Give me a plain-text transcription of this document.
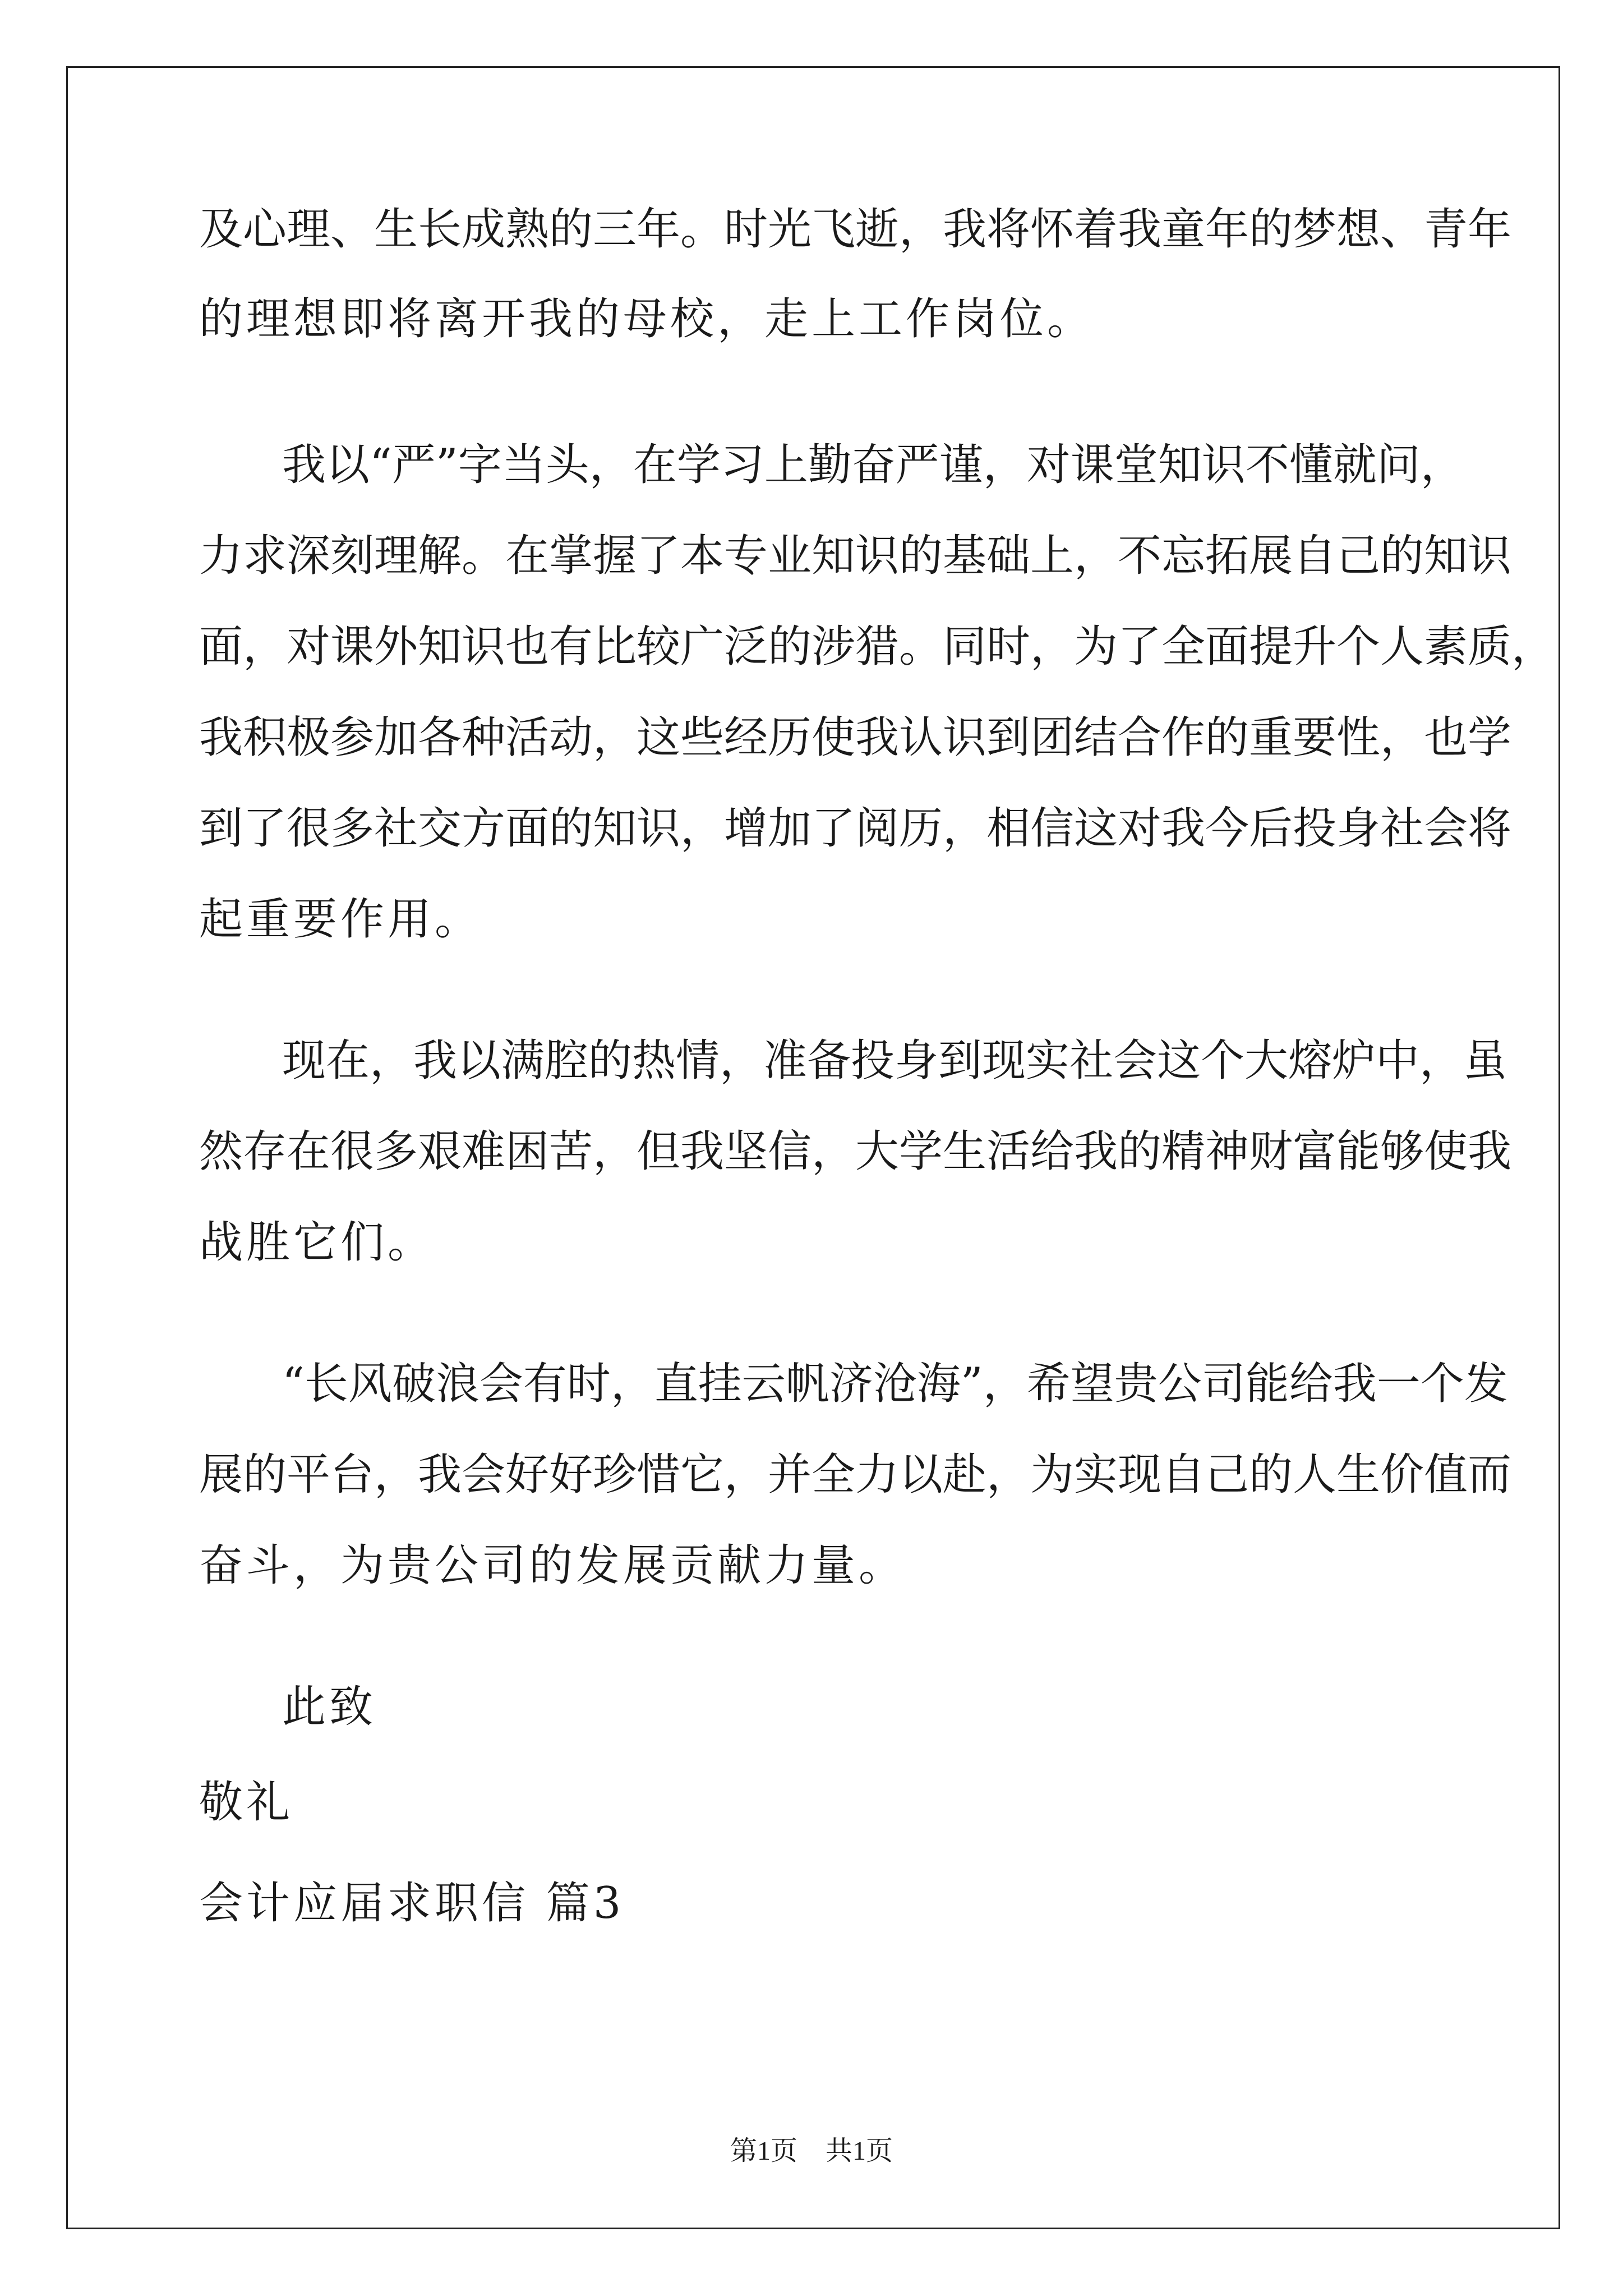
及心理、生长成熟的三年。时光飞逝，我将怀着我童年的梦想、青年
的理想即将离开我的母校，走上工作岗位。
我以“严”字当头，在学习上勤奋严谨，对课堂知识不懂就问，
力求深刻理解。在掌握了本专业知识的基础上，不忘拓展自己的知识
面，对课外知识也有比较广泛的涉猎。同时，为了全面提升个人素质，
我积极参加各种活动，这些经历使我认识到团结合作的重要性，也学
到了很多社交方面的知识，增加了阅历，相信这对我今后投身社会将
起重要作用。
现在，我以满腔的热情，准备投身到现实社会这个大熔炉中，虽
然存在很多艰难困苦，但我坚信，大学生活给我的精神财富能够使我
战胜它们。
“长风破浪会有时，直挂云帆济沧海”，希望贵公司能给我一个发
展的平台，我会好好珍惜它，并全力以赴，为实现自己的人生价值而
奋斗，为贵公司的发展贡献力量。
此致
敬礼
会计应届求职信 篇3
第1页 共1页
